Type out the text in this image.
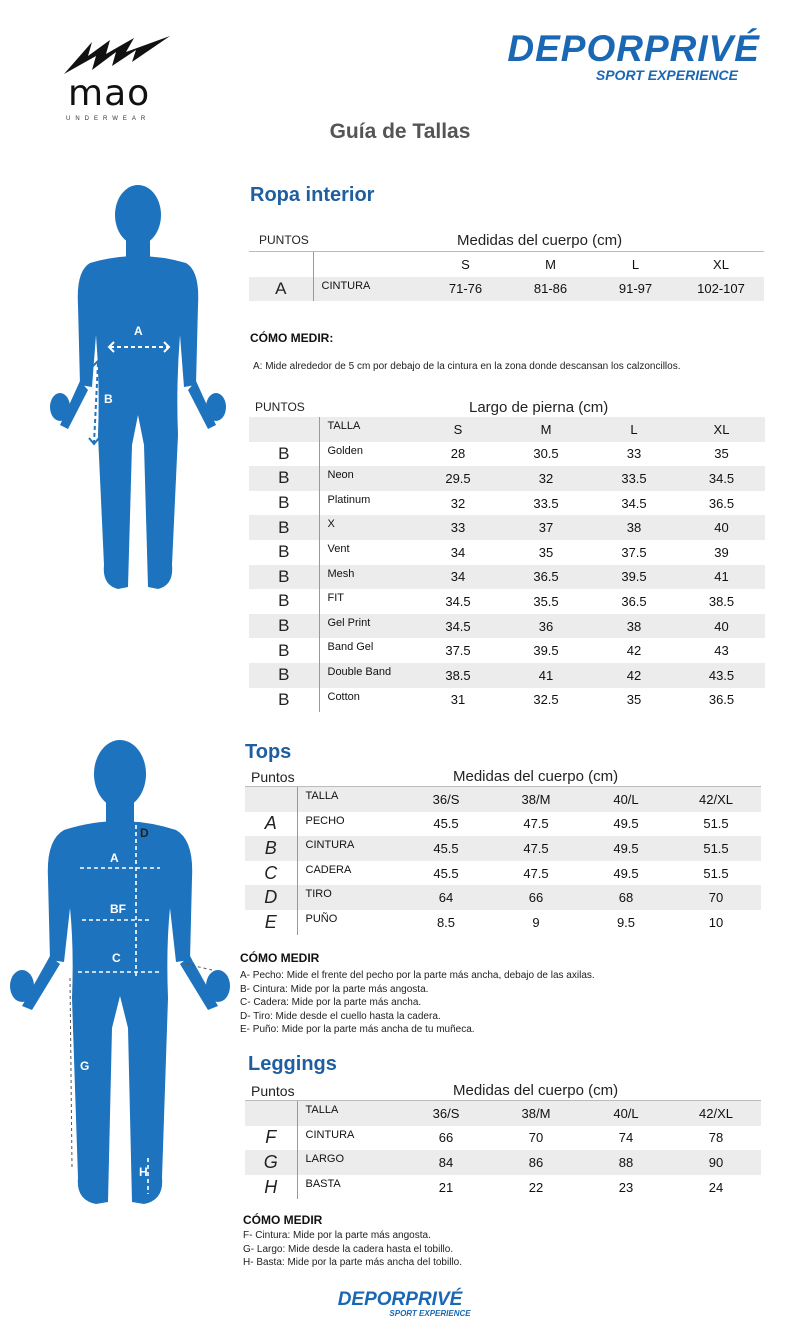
mao
UNDERWEAR
DEPORPRIVÉ
SPORT EXPERIENCE
Guía de Tallas
A
B
Ropa interior
PUNTOS	Medidas del cuerpo (cm)
		S	M	L	XL
A	CINTURA	71-76	81-86	91-97	102-107
CÓMO MEDIR:
A: Mide alrededor de 5 cm por debajo de la cintura en la zona donde descansan los calzoncillos.
PUNTOS	Largo de pierna (cm)
	TALLA	S	M	L	XL
B	Golden	28	30.5	33	35
B	Neon	29.5	32	33.5	34.5
B	Platinum	32	33.5	34.5	36.5
B	X	33	37	38	40
B	Vent	34	35	37.5	39
B	Mesh	34	36.5	39.5	41
B	FIT	34.5	35.5	36.5	38.5
B	Gel Print	34.5	36	38	40
B	Band Gel	37.5	39.5	42	43
B	Double Band	38.5	41	42	43.5
B	Cotton	31	32.5	35	36.5
D
A
BF
C	E
G
H
Tops
Puntos	Medidas del cuerpo (cm)
	TALLA	36/S	38/M	40/L	42/XL
A	PECHO	45.5	47.5	49.5	51.5
B	CINTURA	45.5	47.5	49.5	51.5
C	CADERA	45.5	47.5	49.5	51.5
D	TIRO	64	66	68	70
E	PUÑO	8.5	9	9.5	10
CÓMO MEDIR
A- Pecho: Mide el frente del pecho por la parte más ancha, debajo de las axilas.
B- Cintura: Mide por la parte más angosta.
C- Cadera: Mide por la parte más ancha.
D- Tiro: Mide desde el cuello hasta la cadera.
E- Puño: Mide por la parte más ancha de tu muñeca.
Leggings
Puntos	Medidas del cuerpo (cm)
	TALLA	36/S	38/M	40/L	42/XL
F	CINTURA	66	70	74	78
G	LARGO	84	86	88	90
H	BASTA	21	22	23	24
CÓMO MEDIR
F- Cintura: Mide por la parte más angosta.
G- Largo: Mide desde la cadera hasta el tobillo.
H- Basta: Mide por la parte más ancha del tobillo.
DEPORPRIVÉ
SPORT EXPERIENCE
